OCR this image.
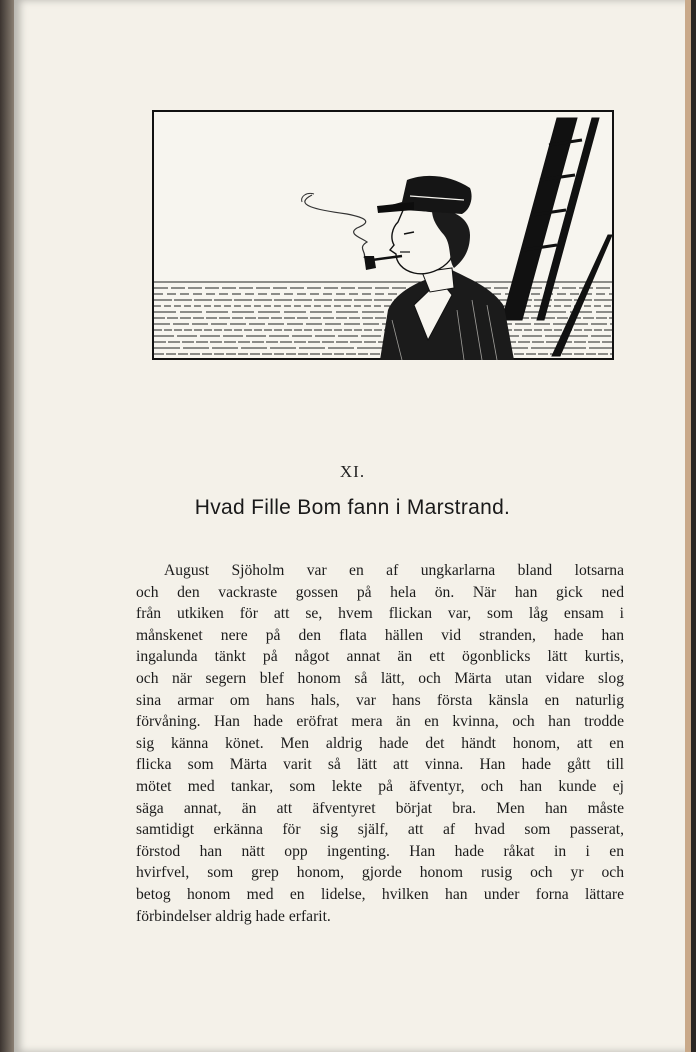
XI.
Hvad Fille Bom fann i Marstrand.
August Sjöholm var en af ungkarlarna bland lotsarna
och den vackraste gossen på hela ön. När han gick ned
från utkiken för att se, hvem flickan var, som låg ensam i
månskenet nere på den flata hällen vid stranden, hade han
ingalunda tänkt på något annat än ett ögonblicks lätt kurtis,
och när segern blef honom så lätt, och Märta utan vidare slog
sina armar om hans hals, var hans första känsla en naturlig
förvåning. Han hade eröfrat mera än en kvinna, och han trodde
sig känna könet. Men aldrig hade det händt honom, att en
flicka som Märta varit så lätt att vinna. Han hade gått till
mötet med tankar, som lekte på äfventyr, och han kunde ej
säga annat, än att äfventyret börjat bra. Men han måste
samtidigt erkänna för sig själf, att af hvad som passerat,
förstod han nätt opp ingenting. Han hade råkat in i en
hvirfvel, som grep honom, gjorde honom rusig och yr och
betog honom med en lidelse, hvilken han under forna lättare
förbindelser aldrig hade erfarit.
